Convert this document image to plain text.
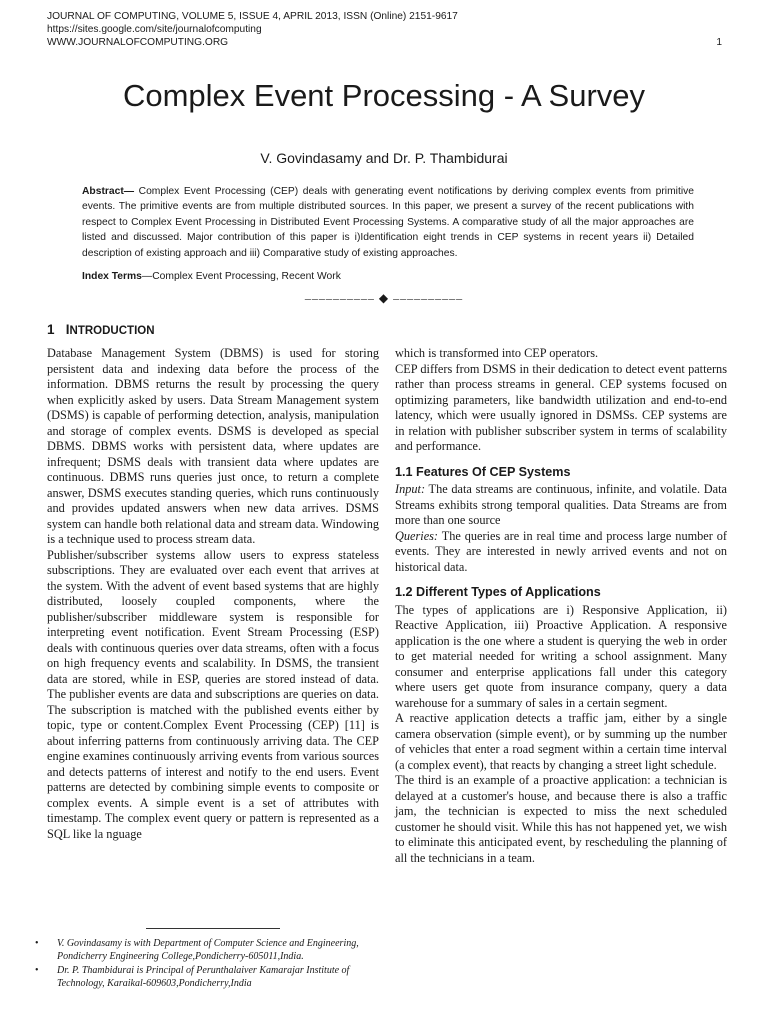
JOURNAL OF COMPUTING, VOLUME 5, ISSUE 4, APRIL 2013, ISSN (Online) 2151-9617
https://sites.google.com/site/journalofcomputing
WWW.JOURNALOFCOMPUTING.ORG	1
Complex Event Processing - A Survey
V. Govindasamy and Dr. P. Thambidurai
Abstract— Complex Event Processing (CEP) deals with generating event notifications by deriving complex events from primitive events. The primitive events are from multiple distributed sources. In this paper, we present a survey of the recent publications with respect to Complex Event Processing in Distributed Event Processing Systems. A comparative study of all the major approaches are listed and discussed. Major contribution of this paper is i)Identification eight trends in CEP systems in recent years ii) Detailed description of existing approach and iii) Comparative study of existing approaches.
Index Terms—Complex Event Processing, Recent Work
–––––––––– ◆ ––––––––––
1 INTRODUCTION

Database Management System (DBMS) is used for storing persistent data and indexing data before the process of the information. DBMS returns the result by processing the query when explicitly asked by users. Data Stream Management system (DSMS) is capable of performing detection, analysis, manipulation and storage of complex events. DSMS is developed as special DBMS. DBMS works with persistent data, where updates are infrequent; DSMS deals with transient data where updates are continuous. DBMS runs queries just once, to return a complete answer, DSMS executes standing queries, which runs continuously and provides updated answers when new data arrives. DSMS system can handle both relational data and stream data. Windowing is a technique used to process stream data.

Publisher/subscriber systems allow users to express stateless subscriptions. They are evaluated over each event that arrives at the system. With the advent of event based systems that are highly distributed, loosely coupled components, where the publisher/subscriber middleware system is responsible for interpreting event notification. Event Stream Processing (ESP) deals with continuous queries over data streams, often with a focus on high frequency events and scalability. In DSMS, the transient data are stored, while in ESP, queries are stored instead of data. The publisher events are data and subscriptions are queries on data. The subscription is matched with the published events either by topic, type or content.Complex Event Processing (CEP) [11] is about inferring patterns from continuously arriving data. The CEP engine examines continuously arriving events from various sources and detects patterns of interest and notify to the end users. Event patterns are detected by combining simple events to composite or complex events. A simple event is a set of attributes with timestamp. The complex event query or pattern is represented as a SQL like la nguage

which is transformed into CEP operators.

CEP differs from DSMS in their dedication to detect event patterns rather than process streams in general. CEP systems focused on optimizing parameters, like bandwidth utilization and end-to-end latency, which were usually ignored in DSMSs. CEP systems are in relation with publisher subscriber system in terms of scalability and performance.

1.1 Features Of CEP Systems

Input: The data streams are continuous, infinite, and volatile. Data Streams exhibits strong temporal qualities. Data Streams are from more than one source

Queries: The queries are in real time and process large number of events. They are interested in newly arrived events and not on historical data.

1.2 Different Types of Applications

The types of applications are i) Responsive Application, ii) Reactive Application, iii) Proactive Application. A responsive application is the one where a student is querying the web in order to get material needed for writing a school assignment. Many consumer and enterprise applications fall under this category where users get quote from insurance company, query a data warehouse for a summary of sales in a certain segment.

A reactive application detects a traffic jam, either by a single camera observation (simple event), or by summing up the number of vehicles that enter a road segment within a certain time interval (a complex event), that reacts by changing a street light schedule.

The third is an example of a proactive application: a technician is delayed at a customer's house, and because there is also a traffic jam, the technician is expected to miss the next scheduled customer he should visit. While this has not happened yet, we wish to eliminate this anticipated event, by rescheduling the planning of all the technicians in a team.

• V. Govindasamy is with Department of Computer Science and Engineering, Pondicherry Engineering College,Pondicherry-605011,India.
• Dr. P. Thambidurai is Principal of Perunthalaiver Kamarajar Institute of Technology, Karaikal-609603,Pondicherry,India
